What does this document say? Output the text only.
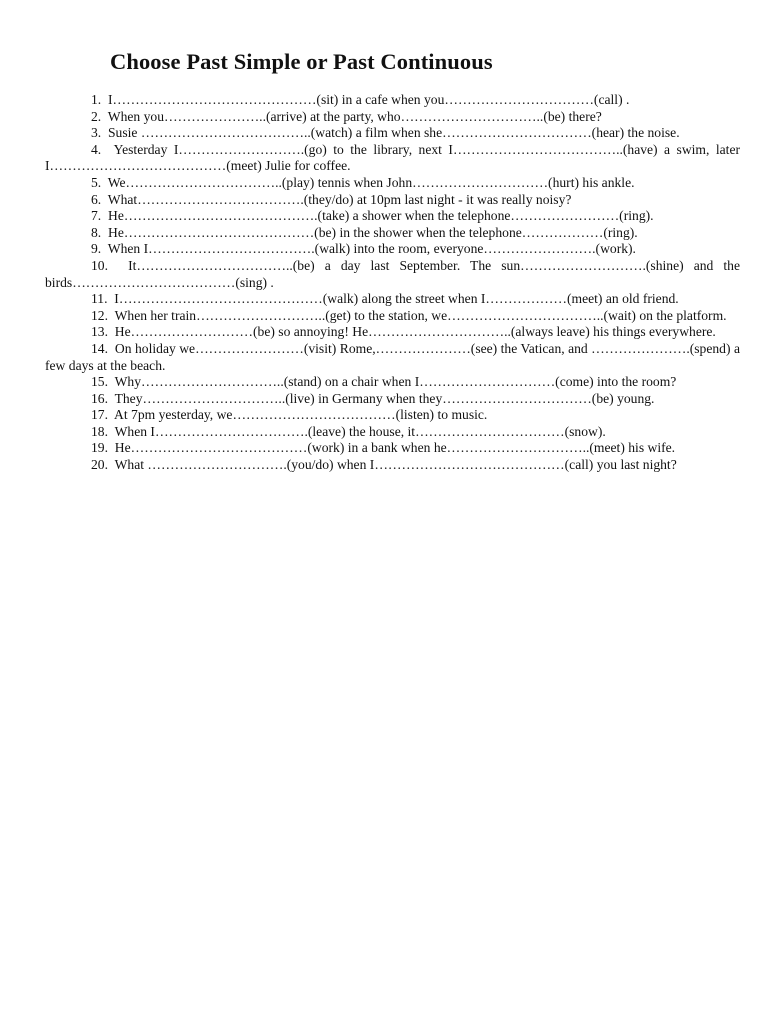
Choose Past Simple or Past Continuous
1. I………………………………………(sit) in a cafe when you……………………………(call) .
2. When you…………………..(arrive) at the party, who…………………………..(be) there?
3. Susie ………………………………..(watch) a film when she……………………………(hear) the noise.
4. Yesterday I……………………….(go) to the library, next I………………………………..(have) a swim, later I…………………………………(meet) Julie for coffee.
5. We……………………………..(play) tennis when John…………………………(hurt) his ankle.
6. What……………………………….(they/do) at 10pm last night - it was really noisy?
7. He…………………………………….(take) a shower when the telephone……………………(ring).
8. He……………………………………(be) in the shower when the telephone………………(ring).
9. When I……………………………….(walk) into the room, everyone…………………….(work).
10. It……………………………..(be) a day last September. The sun……………………….(shine) and the birds………………………………(sing) .
11. I………………………………………(walk) along the street when I………………(meet) an old friend.
12. When her train………………………..(get) to the station, we……………………………..(wait) on the platform.
13. He………………………(be) so annoying! He…………………………..(always leave) his things everywhere.
14. On holiday we……………………(visit) Rome,…………………(see) the Vatican, and ………………….(spend) a few days at the beach.
15. Why…………………………..(stand) on a chair when I…………………………(come) into the room?
16. They…………………………..(live) in Germany when they……………………………(be) young.
17. At 7pm yesterday, we………………………………(listen) to music.
18. When I…………………………….(leave) the house, it……………………………(snow).
19. He…………………………………(work) in a bank when he…………………………..(meet) his wife.
20. What ………………………….(you/do) when I……………………………………(call) you last night?
